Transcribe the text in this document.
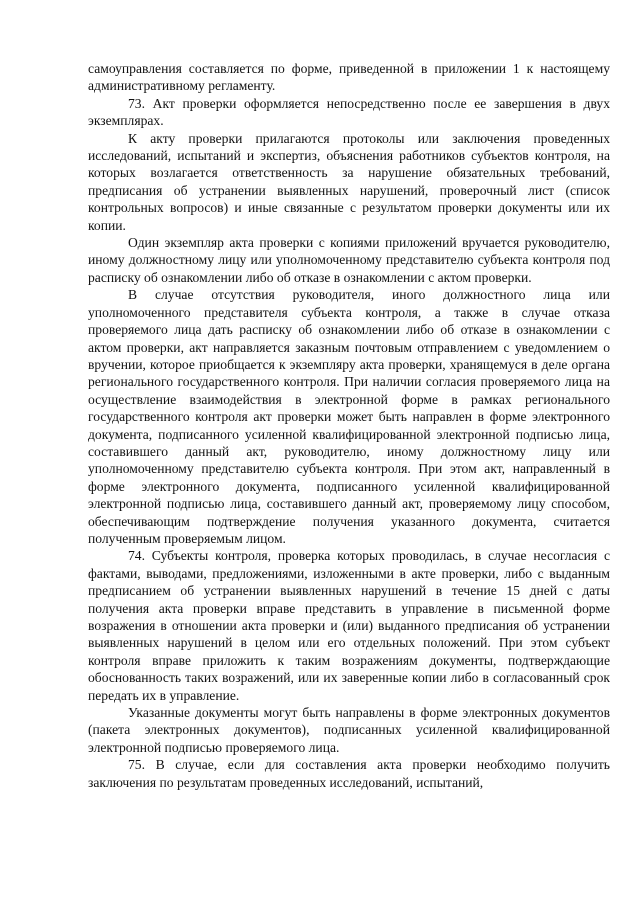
самоуправления составляется по форме, приведенной в приложении 1 к настоящему административному регламенту.

73. Акт проверки оформляется непосредственно после ее завершения в двух экземплярах.

К акту проверки прилагаются протоколы или заключения проведенных исследований, испытаний и экспертиз, объяснения работников субъектов контроля, на которых возлагается ответственность за нарушение обязательных требований, предписания об устранении выявленных нарушений, проверочный лист (список контрольных вопросов) и иные связанные с результатом проверки документы или их копии.

Один экземпляр акта проверки с копиями приложений вручается руководителю, иному должностному лицу или уполномоченному представителю субъекта контроля под расписку об ознакомлении либо об отказе в ознакомлении с актом проверки.

В случае отсутствия руководителя, иного должностного лица или уполномоченного представителя субъекта контроля, а также в случае отказа проверяемого лица дать расписку об ознакомлении либо об отказе в ознакомлении с актом проверки, акт направляется заказным почтовым отправлением с уведомлением о вручении, которое приобщается к экземпляру акта проверки, хранящемуся в деле органа регионального государственного контроля. При наличии согласия проверяемого лица на осуществление взаимодействия в электронной форме в рамках регионального государственного контроля акт проверки может быть направлен в форме электронного документа, подписанного усиленной квалифицированной электронной подписью лица, составившего данный акт, руководителю, иному должностному лицу или уполномоченному представителю субъекта контроля. При этом акт, направленный в форме электронного документа, подписанного усиленной квалифицированной электронной подписью лица, составившего данный акт, проверяемому лицу способом, обеспечивающим подтверждение получения указанного документа, считается полученным проверяемым лицом.

74. Субъекты контроля, проверка которых проводилась, в случае несогласия с фактами, выводами, предложениями, изложенными в акте проверки, либо с выданным предписанием об устранении выявленных нарушений в течение 15 дней с даты получения акта проверки вправе представить в управление в письменной форме возражения в отношении акта проверки и (или) выданного предписания об устранении выявленных нарушений в целом или его отдельных положений. При этом субъект контроля вправе приложить к таким возражениям документы, подтверждающие обоснованность таких возражений, или их заверенные копии либо в согласованный срок передать их в управление.

Указанные документы могут быть направлены в форме электронных документов (пакета электронных документов), подписанных усиленной квалифицированной электронной подписью проверяемого лица.

75. В случае, если для составления акта проверки необходимо получить заключения по результатам проведенных исследований, испытаний,
